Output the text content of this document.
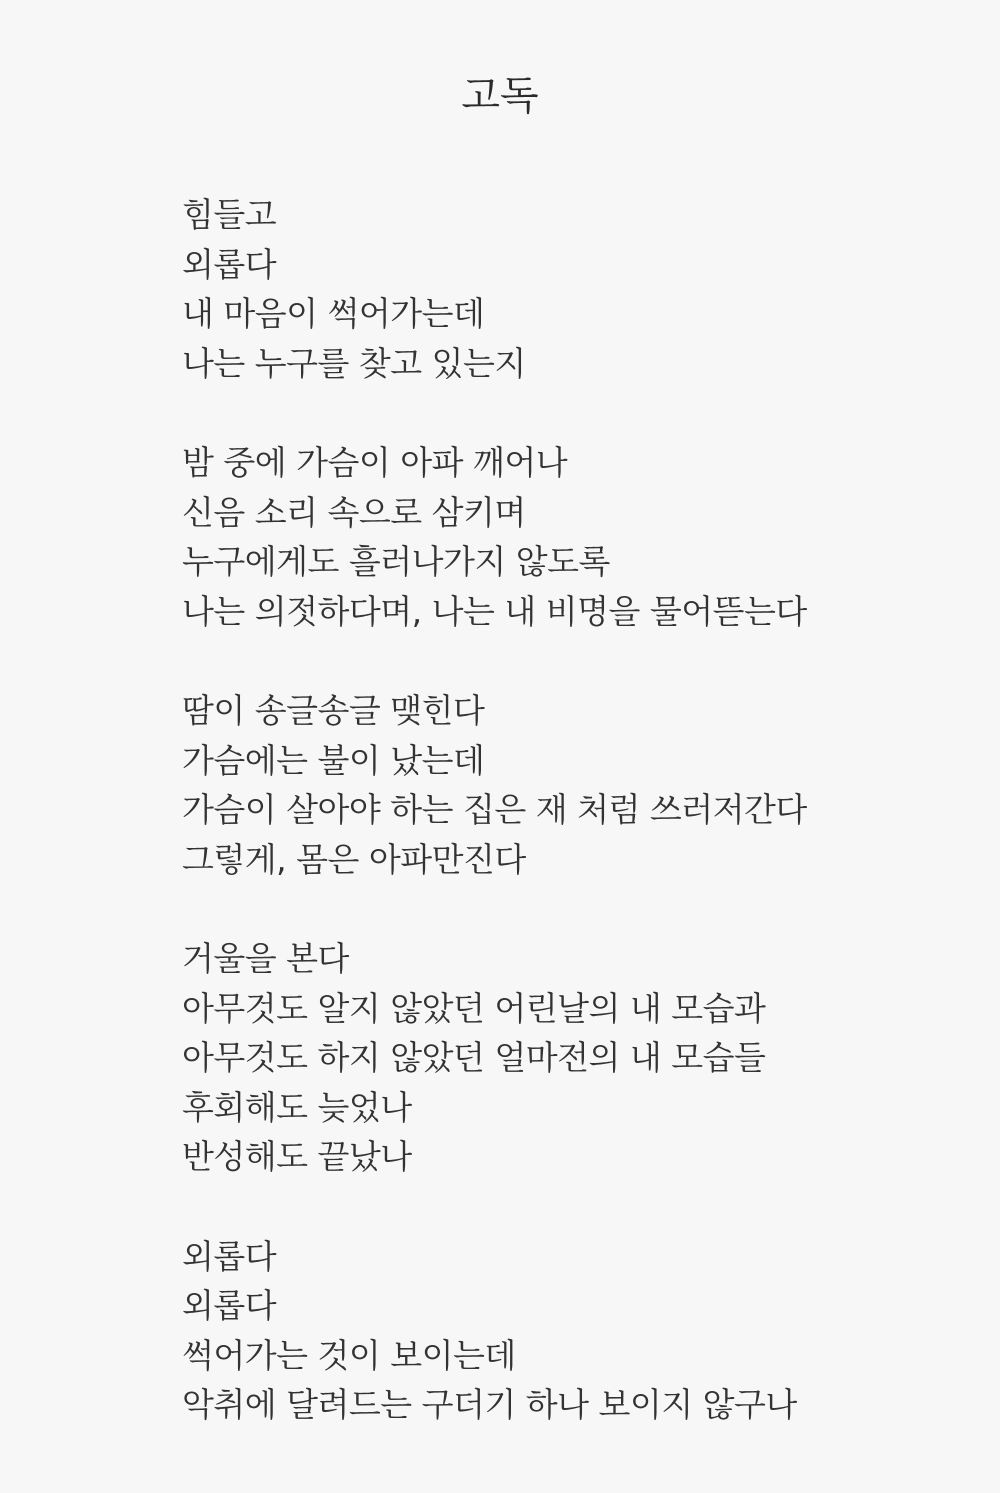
고독
힘들고
외롭다
내 마음이 썩어가는데
나는 누구를 찾고 있는지
밤 중에 가슴이 아파 깨어나
신음 소리 속으로 삼키며
누구에게도 흘러나가지 않도록
나는 의젓하다며, 나는 내 비명을 물어뜯는다
땀이 송글송글 맺힌다
가슴에는 불이 났는데
가슴이 살아야 하는 집은 재 처럼 쓰러저간다
그렇게, 몸은 아파만진다
거울을 본다
아무것도 알지 않았던 어린날의 내 모습과
아무것도 하지 않았던 얼마전의 내 모습들
후회해도 늦었나
반성해도 끝났나
외롭다
외롭다
썩어가는 것이 보이는데
악취에 달려드는 구더기 하나 보이지 않구나
